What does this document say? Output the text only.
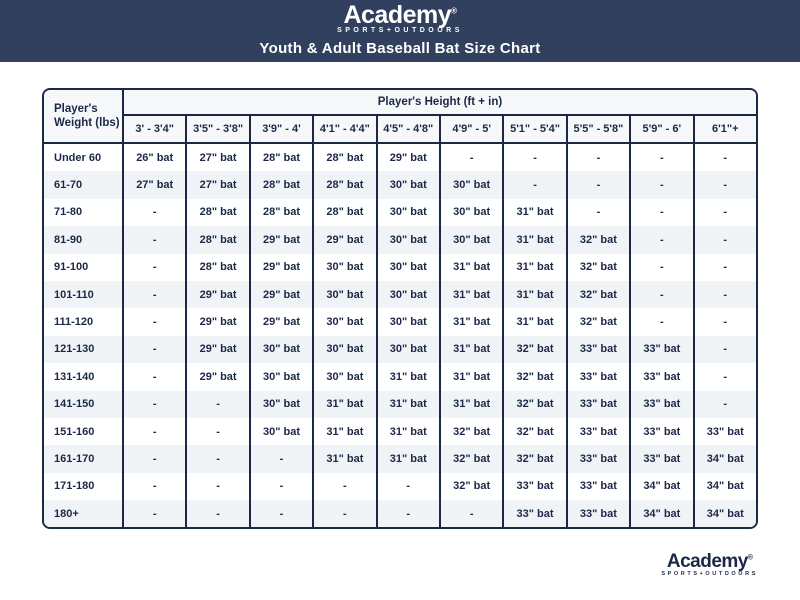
Academy®
SPORTS+OUTDOORS
Youth & Adult Baseball Bat Size Chart
Player's Weight (lbs)	Player's Height (ft + in)									
	3' - 3'4"	3'5" - 3'8"	3'9" - 4'	4'1" - 4'4"	4'5" - 4'8"	4'9" - 5'	5'1" - 5'4"	5'5" - 5'8"	5'9" - 6'	6'1"+
Under 60	26" bat	27" bat	28" bat	28" bat	29" bat	-	-	-	-	-
61-70	27" bat	27" bat	28" bat	28" bat	30" bat	30" bat	-	-	-	-
71-80	-	28" bat	28" bat	28" bat	30" bat	30" bat	31" bat	-	-	-
81-90	-	28" bat	29" bat	29" bat	30" bat	30" bat	31" bat	32" bat	-	-
91-100	-	28" bat	29" bat	30" bat	30" bat	31" bat	31" bat	32" bat	-	-
101-110	-	29" bat	29" bat	30" bat	30" bat	31" bat	31" bat	32" bat	-	-
111-120	-	29" bat	29" bat	30" bat	30" bat	31" bat	31" bat	32" bat	-	-
121-130	-	29" bat	30" bat	30" bat	30" bat	31" bat	32" bat	33" bat	33" bat	-
131-140	-	29" bat	30" bat	30" bat	31" bat	31" bat	32" bat	33" bat	33" bat	-
141-150	-	-	30" bat	31" bat	31" bat	31" bat	32" bat	33" bat	33" bat	-
151-160	-	-	30" bat	31" bat	31" bat	32" bat	32" bat	33" bat	33" bat	33" bat
161-170	-	-	-	31" bat	31" bat	32" bat	32" bat	33" bat	33" bat	34" bat
171-180	-	-	-	-	-	32" bat	33" bat	33" bat	34" bat	34" bat
180+	-	-	-	-	-	-	33" bat	33" bat	34" bat	34" bat
Academy®
SPORTS+OUTDOORS
